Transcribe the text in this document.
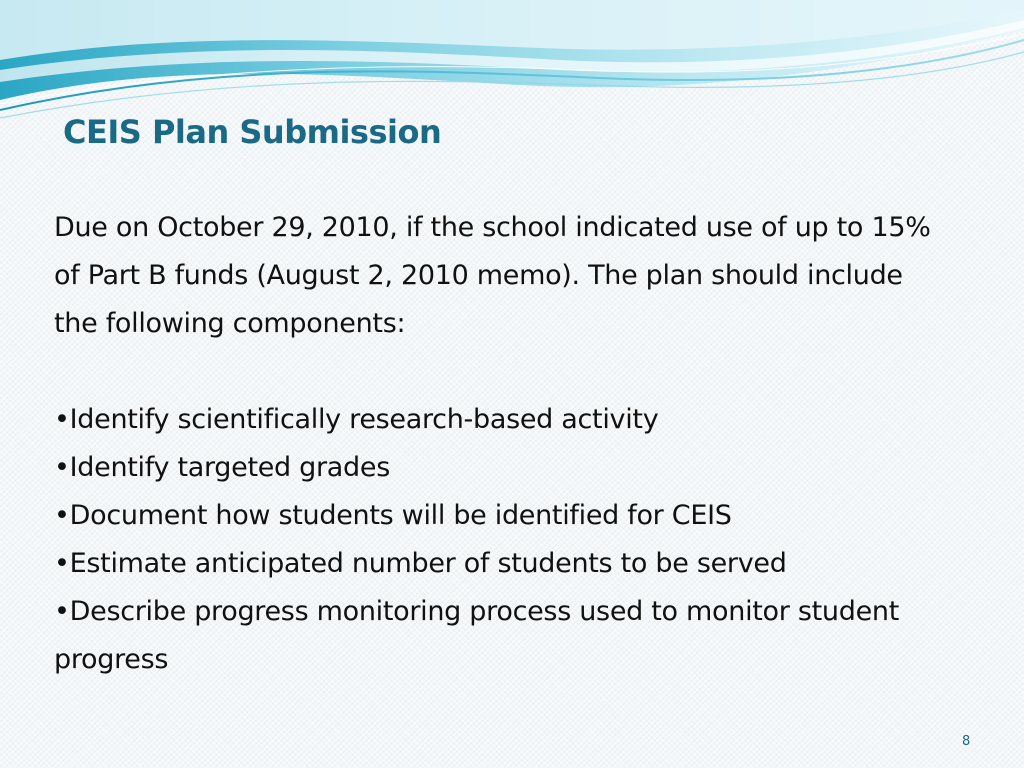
CEIS Plan Submission

Due on October 29, 2010, if the school indicated use of up to 15% of Part B funds (August 2, 2010 memo). The plan should include the following components:

•Identify scientifically research-based activity
•Identify targeted grades
•Document how students will be identified for CEIS
•Estimate anticipated number of students to be served
•Describe progress monitoring process used to monitor student progress
8
